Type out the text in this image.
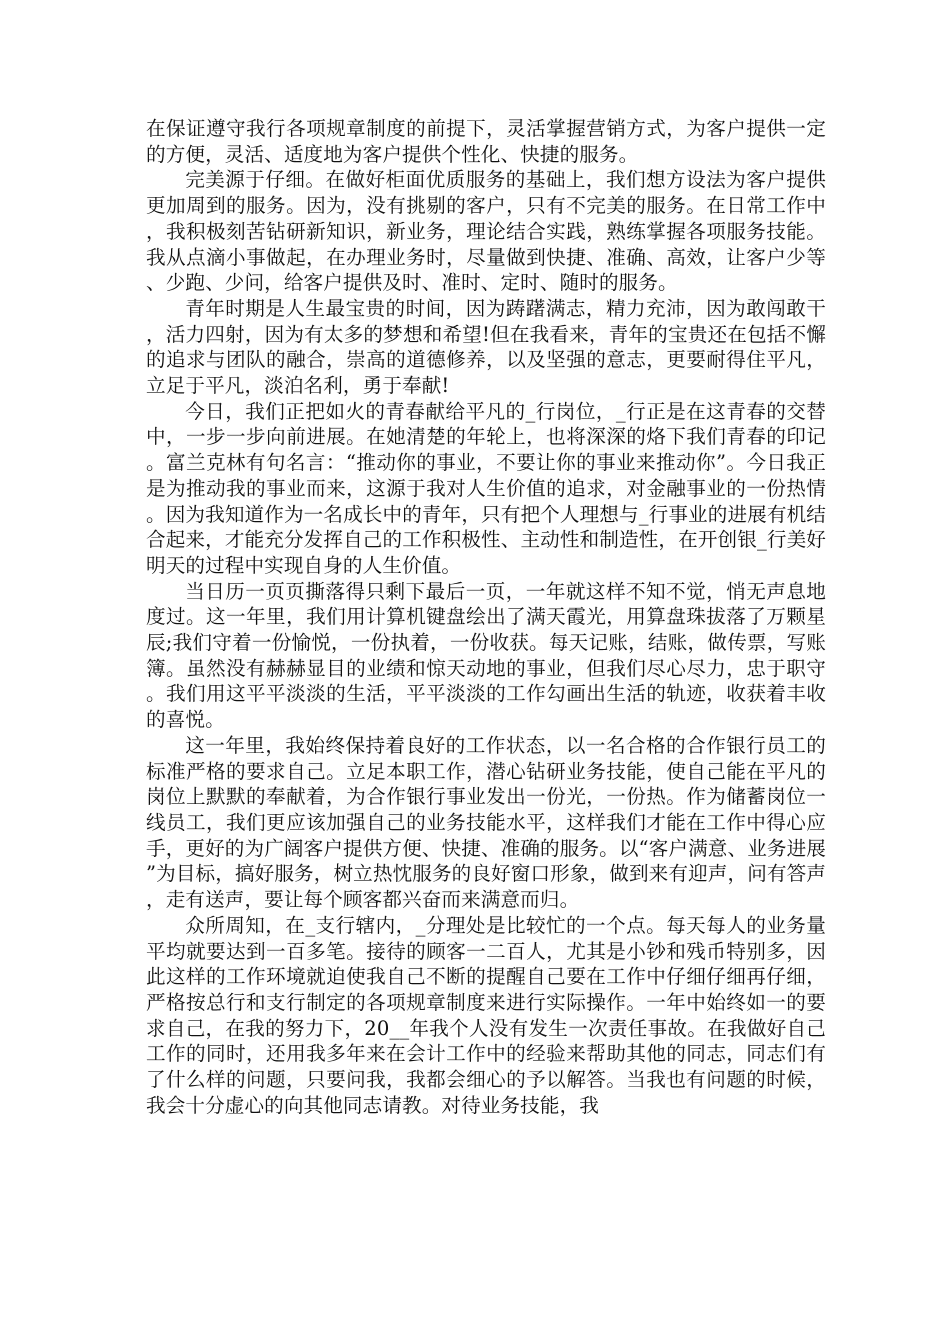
在保证遵守我行各项规章制度的前提下，灵活掌握营销方式，为客户提供一定的方便，灵活、适度地为客户提供个性化、快捷的服务。

完美源于仔细。在做好柜面优质服务的基础上，我们想方设法为客户提供更加周到的服务。因为，没有挑剔的客户，只有不完美的服务。在日常工作中，我积极刻苦钻研新知识，新业务，理论结合实践，熟练掌握各项服务技能。我从点滴小事做起，在办理业务时，尽量做到快捷、准确、高效，让客户少等、少跑、少问，给客户提供及时、准时、定时、随时的服务。

青年时期是人生最宝贵的时间，因为踌躇满志，精力充沛，因为敢闯敢干，活力四射，因为有太多的梦想和希望!但在我看来，青年的宝贵还在包括不懈的追求与团队的融合，崇高的道德修养，以及坚强的意志，更要耐得住平凡，立足于平凡，淡泊名利，勇于奉献!

今日，我们正把如火的青春献给平凡的_行岗位，_行正是在这青春的交替中，一步一步向前进展。在她清楚的年轮上，也将深深的烙下我们青春的印记。富兰克林有句名言：“推动你的事业，不要让你的事业来推动你”。今日我正是为推动我的事业而来，这源于我对人生价值的追求，对金融事业的一份热情。因为我知道作为一名成长中的青年，只有把个人理想与_行事业的进展有机结合起来，才能充分发挥自己的工作积极性、主动性和制造性，在开创银_行美好明天的过程中实现自身的人生价值。

当日历一页页撕落得只剩下最后一页，一年就这样不知不觉，悄无声息地度过。这一年里，我们用计算机键盘绘出了满天霞光，用算盘珠拔落了万颗星辰;我们守着一份愉悦，一份执着，一份收获。每天记账，结账，做传票，写账簿。虽然没有赫赫显目的业绩和惊天动地的事业，但我们尽心尽力，忠于职守。我们用这平平淡淡的生活，平平淡淡的工作勾画出生活的轨迹，收获着丰收的喜悦。

这一年里，我始终保持着良好的工作状态，以一名合格的合作银行员工的标准严格的要求自己。立足本职工作，潜心钻研业务技能，使自己能在平凡的岗位上默默的奉献着，为合作银行事业发出一份光，一份热。作为储蓄岗位一线员工，我们更应该加强自己的业务技能水平，这样我们才能在工作中得心应手，更好的为广阔客户提供方便、快捷、准确的服务。以“客户满意、业务进展”为目标，搞好服务，树立热忱服务的良好窗口形象，做到来有迎声，问有答声，走有送声，要让每个顾客都兴奋而来满意而归。

众所周知，在_支行辖内，_分理处是比较忙的一个点。每天每人的业务量平均就要达到一百多笔。接待的顾客一二百人，尤其是小钞和残币特别多，因此这样的工作环境就迫使我自己不断的提醒自己要在工作中仔细仔细再仔细，严格按总行和支行制定的各项规章制度来进行实际操作。一年中始终如一的要求自己，在我的努力下，20__年我个人没有发生一次责任事故。在我做好自己工作的同时，还用我多年来在会计工作中的经验来帮助其他的同志，同志们有了什么样的问题，只要问我，我都会细心的予以解答。当我也有问题的时候，我会十分虚心的向其他同志请教。对待业务技能，我
